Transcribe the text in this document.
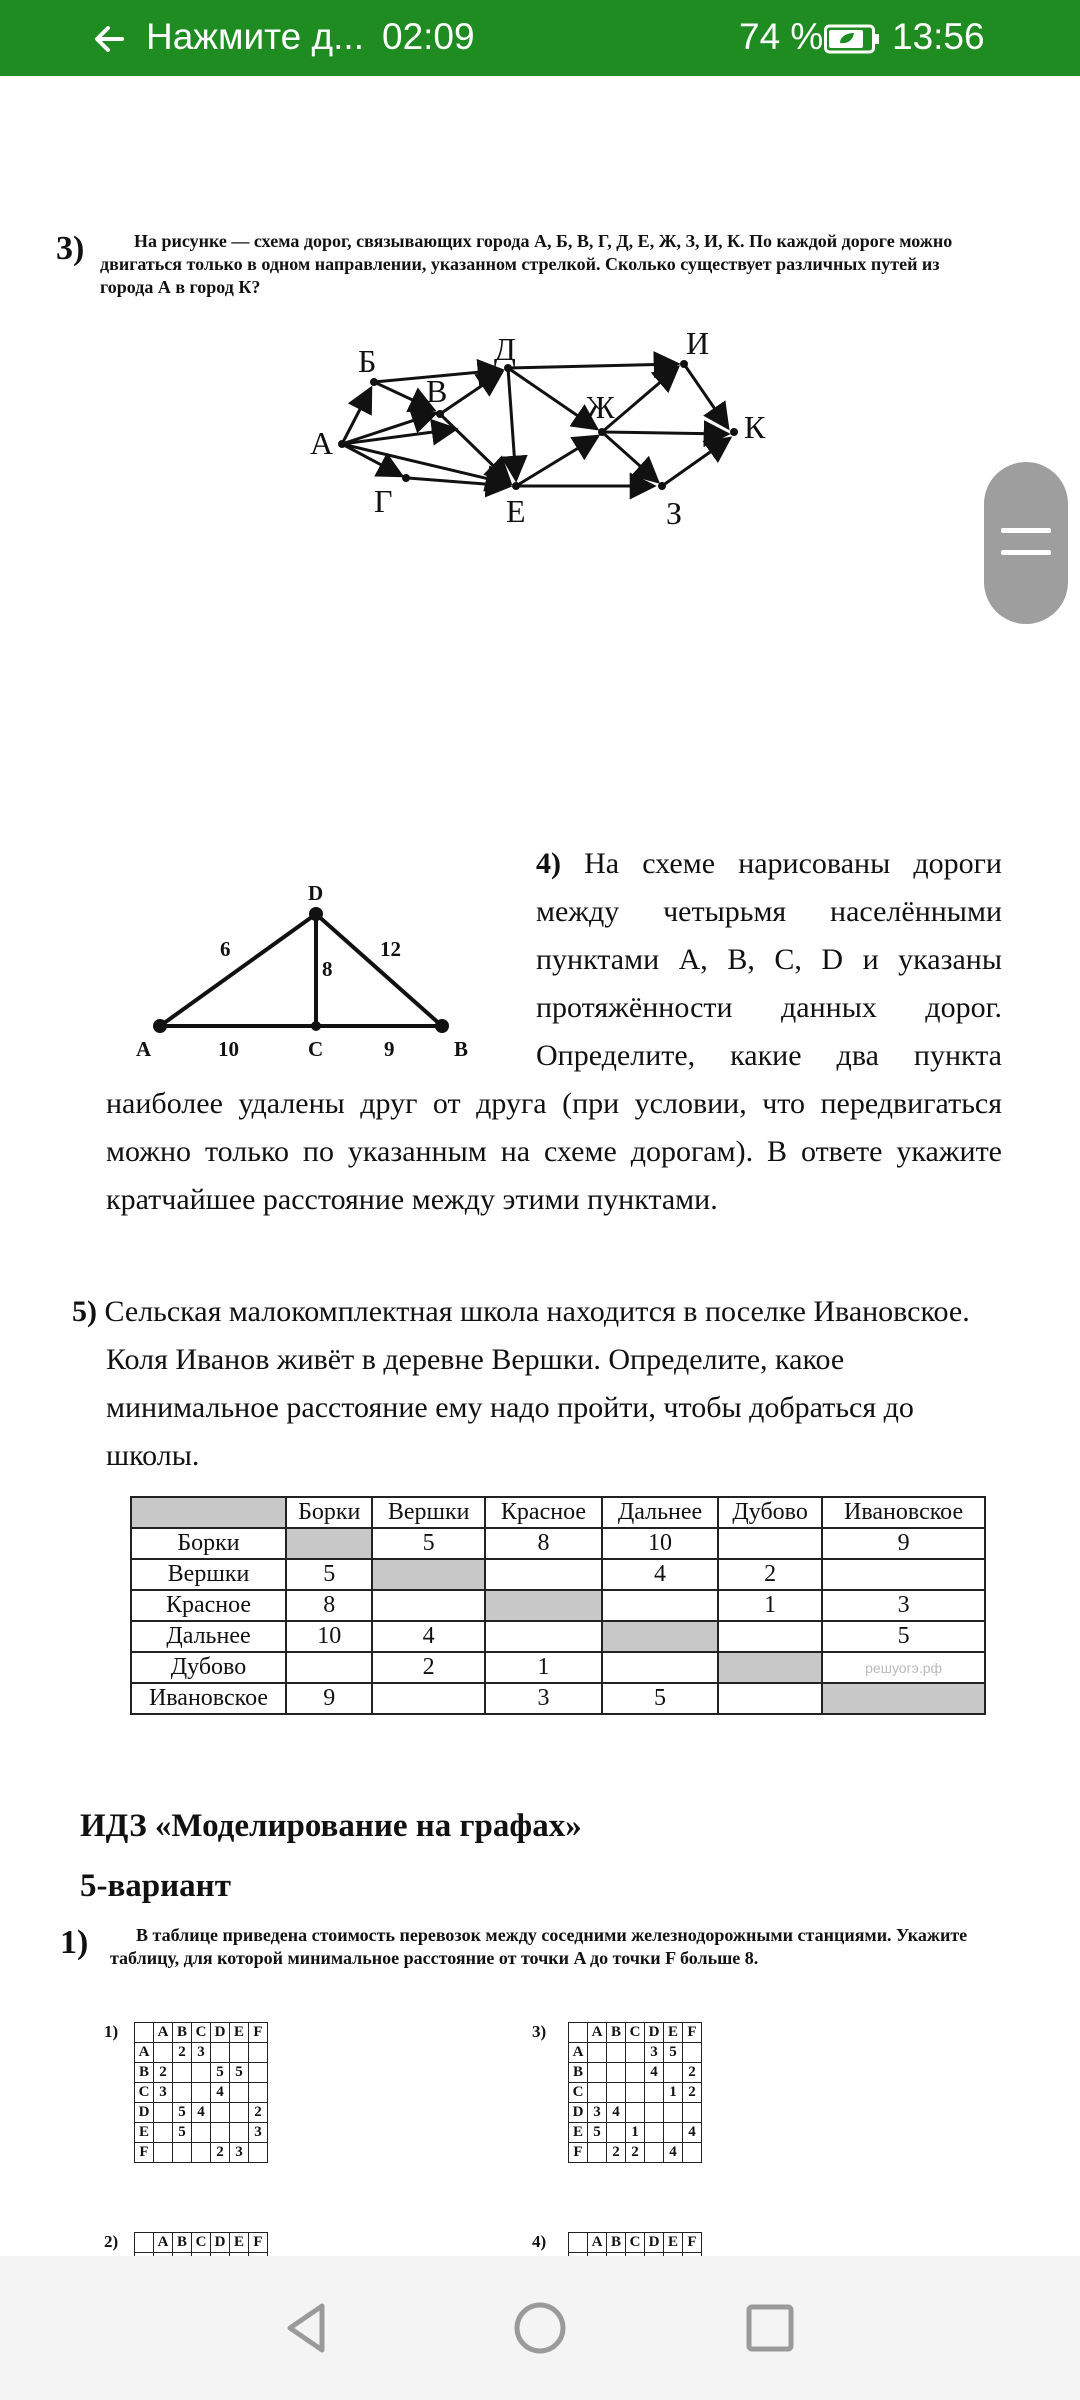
Нажмите д... 02:09	74 % 13:56
3)	На рисунке — схема дорог, связывающих города А, Б, В, Г, Д, Е, Ж, З, И, К. По каждой дороге можно двигаться только в одном направлении, указанном стрелкой. Сколько существует различных путей из города А в город К?
А
Б
В
Г
Д
Е
Ж
З
И
К
A	B
C
D
6
8
12
10	9
4) На схеме нарисованы дороги между четырьмя населёнными пунктами A, B, C, D и указаны протяжённости данных дорог. Определите, какие два пункта наиболее удалены друг от друга (при условии, что передвигаться можно только по указанным на схеме дорогам). В ответе укажите кратчайшее расстояние между этими пунктами.
5) Сельская малокомплектная школа находится в поселке Ивановское. Коля Иванов живёт в деревне Вершки. Определите, какое минимальное расстояние ему надо пройти, чтобы добраться до школы.
	Борки	Вершки	Красное	Дальнее	Дубово	Ивановское
Борки		5	8	10		9
Вершки	5			4	2	
Красное	8				1	3
Дальнее	10	4				5
Дубово		2	1			решуогэ.рф
Ивановское	9		3	5		
ИДЗ «Моделирование на графах»
5-вариант
1)	В таблице приведена стоимость перевозок между соседними железнодорожными станциями. Укажите таблицу, для которой минимальное расстояние от точки A до точки F больше 8.
1)
		A	B	C	D	E	F
A		2	3			
B	2			5	5	
C	3			4		
D		5	4			2
E		5				3
F				2	3	
3)
		A	B	C	D	E	F
A				3	5	
B				4		2
C					1	2
D	3	4				
E	5		1			4
F		2	2		4	
2)
		A	B	C	D	E	F
							4)
		A	B	C	D	E	F
